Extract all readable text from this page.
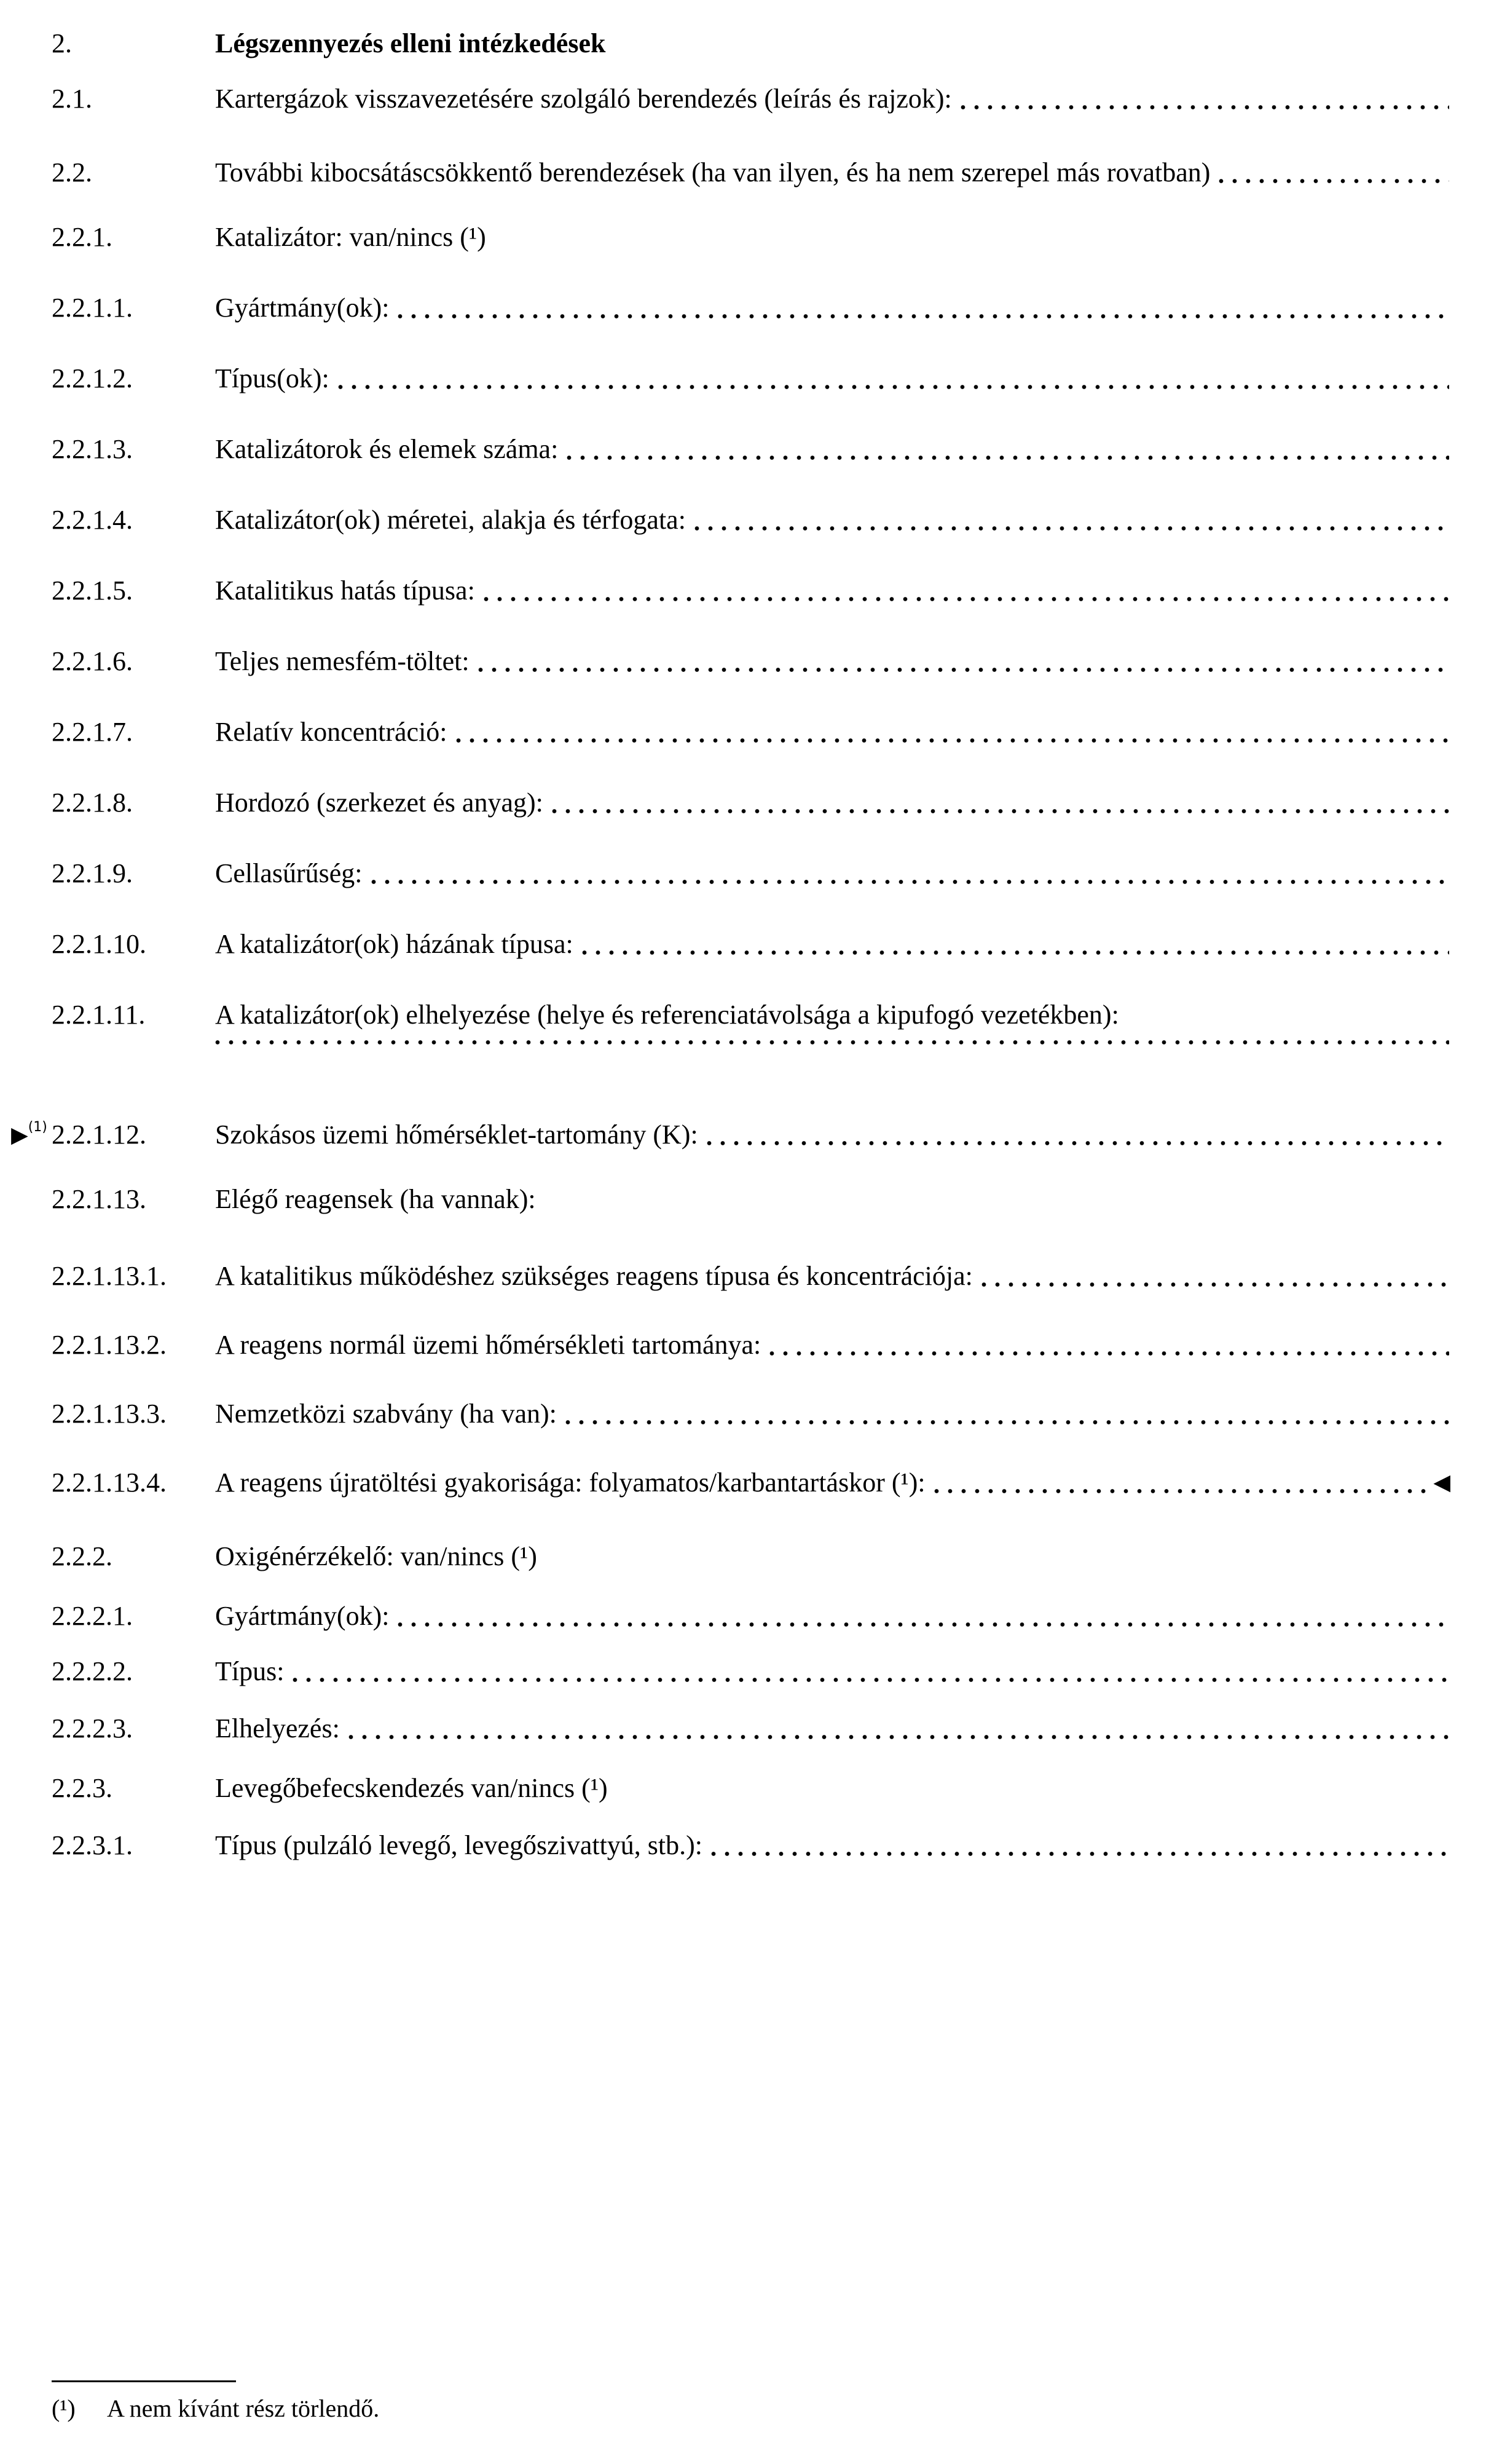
2.	Légszennyezés elleni intézkedések
2.1.	Kartergázok visszavezetésére szolgáló berendezés (leírás és rajzok):
2.2.	További kibocsátáscsökkentő berendezések (ha van ilyen, és ha nem szerepel más rovatban)
2.2.1.	Katalizátor: van/nincs (¹)
2.2.1.1.	Gyártmány(ok):
2.2.1.2.	Típus(ok):
2.2.1.3.	Katalizátorok és elemek száma:
2.2.1.4.	Katalizátor(ok) méretei, alakja és térfogata:
2.2.1.5.	Katalitikus hatás típusa:
2.2.1.6.	Teljes nemesfém-töltet:
2.2.1.7.	Relatív koncentráció:
2.2.1.8.	Hordozó (szerkezet és anyag):
2.2.1.9.	Cellasűrűség:
2.2.1.10.	A katalizátor(ok) házának típusa:
2.2.1.11.	A katalizátor(ok) elhelyezése (helye és referenciatávolsága a kipufogó vezetékben):
▶$^{(1)}$ 2.2.1.12.	Szokásos üzemi hőmérséklet-tartomány (K):
2.2.1.13.	Elégő reagensek (ha vannak):
2.2.1.13.1.	A katalitikus működéshez szükséges reagens típusa és koncentrációja:
2.2.1.13.2.	A reagens normál üzemi hőmérsékleti tartománya:
2.2.1.13.3.	Nemzetközi szabvány (ha van):
2.2.1.13.4.	A reagens újratöltési gyakorisága: folyamatos/karbantartáskor (¹):	◀
2.2.2.	Oxigénérzékelő: van/nincs (¹)
2.2.2.1.	Gyártmány(ok):
2.2.2.2.	Típus:
2.2.2.3.	Elhelyezés:
2.2.3.	Levegőbefecskendezés van/nincs (¹)
2.2.3.1.	Típus (pulzáló levegő, levegőszivattyú, stb.):
(¹)	A nem kívánt rész törlendő.
